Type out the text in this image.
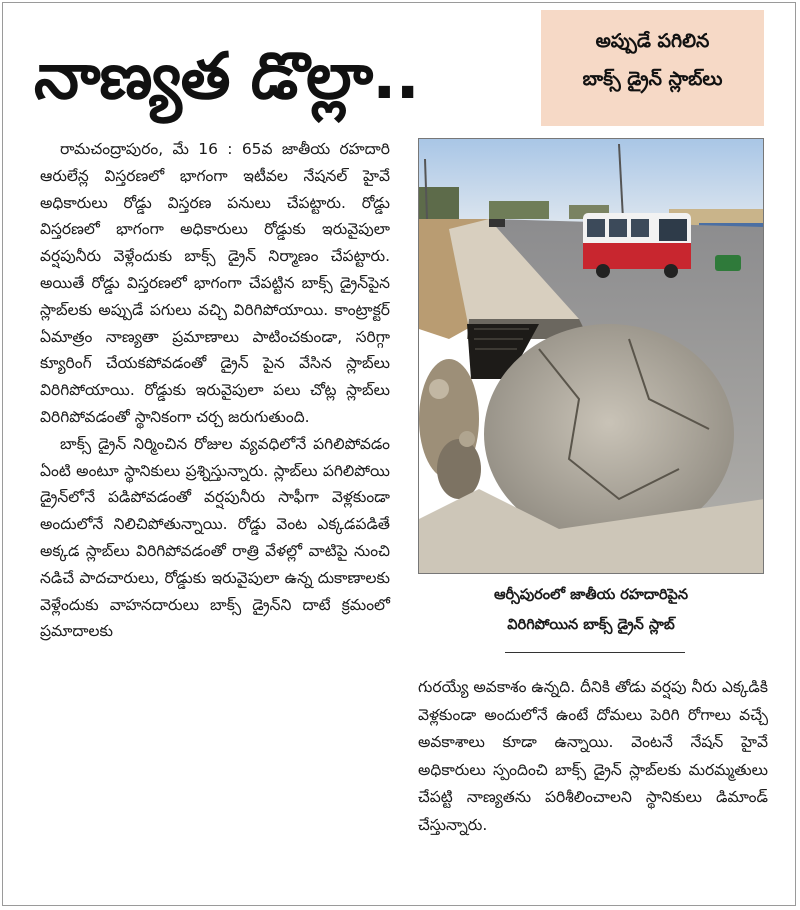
నాణ్యత డొల్లా..	అప్పుడే పగిలిన
బాక్స్ డ్రైన్ స్లాబ్‌లు

రామచంద్రాపురం, మే 16 : 65వ జాతీయ రహదారి ఆరులేన్ల విస్తరణలో భాగంగా ఇటీవల నేషనల్ హైవే అధికారులు రోడ్డు విస్తరణ పనులు చేపట్టారు. రోడ్డు విస్తరణలో భాగంగా అధికారులు రోడ్డుకు ఇరువైపులా వర్షపునీరు వెళ్లేందుకు బాక్స్ డ్రైన్ నిర్మాణం చేపట్టారు. అయితే రోడ్డు విస్తరణలో భాగంగా చేపట్టిన బాక్స్ డ్రైన్‌పైన స్లాబ్‌లకు అప్పుడే పగులు వచ్చి విరిగిపోయాయి. కాంట్రాక్టర్ ఏమాత్రం నాణ్యతా ప్రమాణాలు పాటించకుండా, సరిగ్గా క్యూరింగ్ చేయకపోవడంతో డ్రైన్ పైన వేసిన స్లాబ్‌లు విరిగిపోయాయి. రోడ్డుకు ఇరువైపులా పలు చోట్ల స్లాబ్‌లు విరిగిపోవడంతో స్థానికంగా చర్చ జరుగుతుంది.

బాక్స్ డ్రైన్ నిర్మించిన రోజుల వ్యవధిలోనే పగిలిపోవడం ఏంటి అంటూ స్థానికులు ప్రశ్నిస్తున్నారు. స్లాబ్‌లు పగిలిపోయి డ్రైన్‌లోనే పడిపోవడంతో వర్షపునీరు సాఫీగా వెళ్లకుండా అందులోనే నిలిచిపోతున్నాయి. రోడ్డు వెంట ఎక్కడపడితే అక్కడ స్లాబ్‌లు విరిగిపోవడంతో రాత్రి వేళల్లో వాటిపై నుంచి నడిచే పాదచారులు, రోడ్డుకు ఇరువైపులా ఉన్న దుకాణాలకు వెళ్లేందుకు వాహనదారులు బాక్స్ డ్రైన్‌ని దాటే క్రమంలో ప్రమాదాలకు

ఆర్సీపురంలో జాతీయ రహదారిపైన
విరిగిపోయిన బాక్స్ డ్రైన్ స్లాబ్

గురయ్యే అవకాశం ఉన్నది. దీనికి తోడు వర్షపు నీరు ఎక్కడికి వెళ్లకుండా అందులోనే ఉంటే దోమలు పెరిగి రోగాలు వచ్చే అవకాశాలు కూడా ఉన్నాయి. వెంటనే నేషన్ హైవే అధికారులు స్పందించి బాక్స్ డ్రైన్ స్లాబ్‌లకు మరమ్మతులు చేపట్టి నాణ్యతను పరిశీలించాలని స్థానికులు డిమాండ్ చేస్తున్నారు.
